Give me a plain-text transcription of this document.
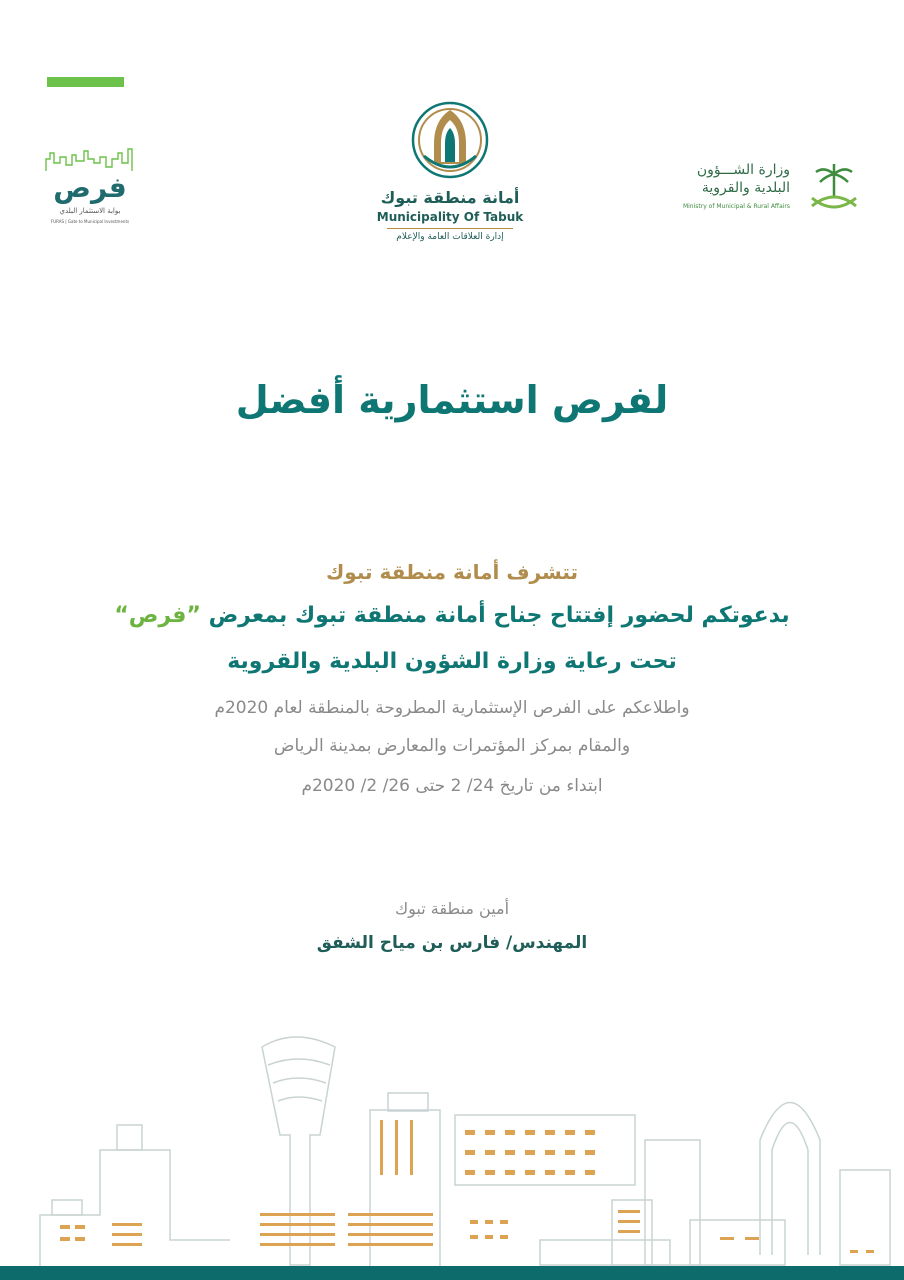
فرص
بوابة الاستثمار البلدي
FURAS | Gate to Municipal Investments
أمانة منطقة تبوك
Municipality Of Tabuk
إدارة العلاقات العامة والإعلام
وزارة الشـــؤون
البلدية والقروية
Ministry of Municipal & Rural Affairs
لفرص استثمارية أفضل
تتشرف أمانة منطقة تبوك
بدعوتكم لحضور إفتتاح جناح أمانة منطقة تبوك بمعرض ”فرص“
تحت رعاية وزارة الشؤون البلدية والقروية
واطلاعكم على الفرص الإستثمارية المطروحة بالمنطقة لعام 2020م
والمقام بمركز المؤتمرات والمعارض بمدينة الرياض
ابتداء من تاريخ 24/ 2 حتى 26/ 2/ 2020م
أمين منطقة تبوك
المهندس/ فارس بن مياح الشفق
